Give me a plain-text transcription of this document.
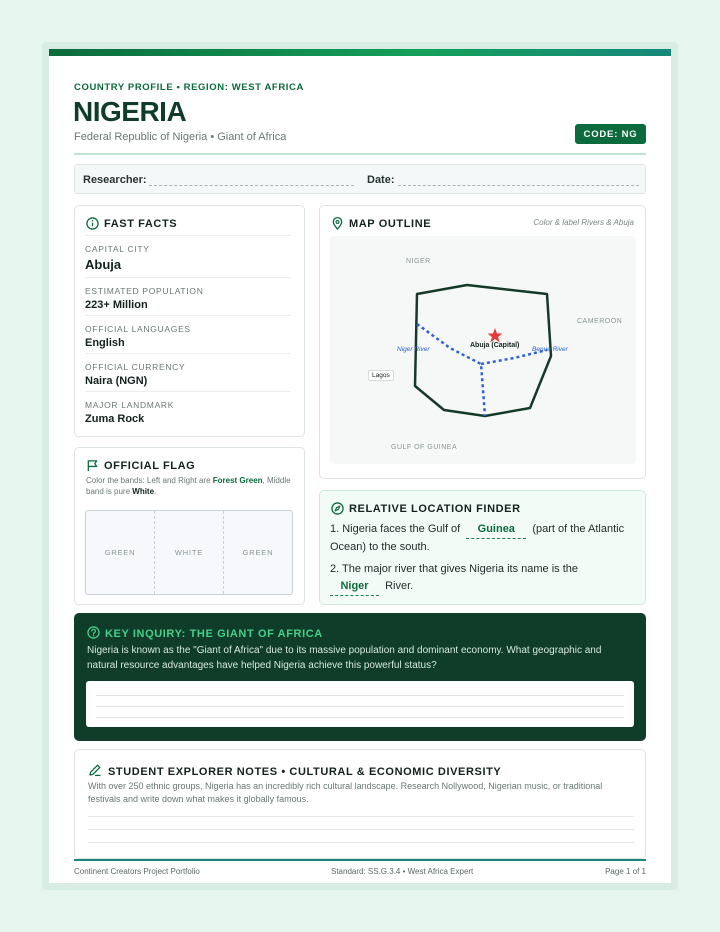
COUNTRY PROFILE • REGION: WEST AFRICA
NIGERIA
Federal Republic of Nigeria • Giant of Africa	CODE: NG
Researcher:	Date:
FAST FACTS
CAPITAL CITY
Abuja
ESTIMATED POPULATION
223+ Million
OFFICIAL LANGUAGES
English
OFFICIAL CURRENCY
Naira (NGN)
MAJOR LANDMARK
Zuma Rock
OFFICIAL FLAG
Color the bands: Left and Right are Forest Green, Middle band is pure White.
GREEN	WHITE	GREEN
MAP OUTLINE	Color & label Rivers & Abuja
NIGER
CAMEROON
GULF OF GUINEA
Niger River	Benue River
Abuja (Capital)
Lagos
RELATIVE LOCATION FINDER
1. Nigeria faces the Gulf of Guinea (part of the Atlantic
Ocean) to the south.
2. The major river that gives Nigeria its name is the
Niger River.
KEY INQUIRY: THE GIANT OF AFRICA
Nigeria is known as the "Giant of Africa" due to its massive population and dominant economy. What geographic and natural resource advantages have helped Nigeria achieve this powerful status?
STUDENT EXPLORER NOTES • CULTURAL & ECONOMIC DIVERSITY
With over 250 ethnic groups, Nigeria has an incredibly rich cultural landscape. Research Nollywood, Nigerian music, or traditional festivals and write down what makes it globally famous.
Continent Creators Project Portfolio	Standard: SS.G.3.4 • West Africa Expert	Page 1 of 1
